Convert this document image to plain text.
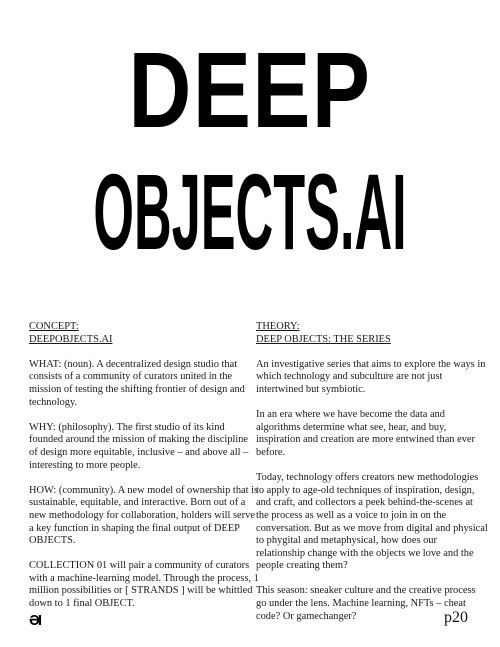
DEEP
OBJECTS.AI
CONCEPT:
DEEPOBJECTS.AI

WHAT: (noun). A decentralized design studio that consists of a community of curators united in the mission of testing the shifting frontier of design and technology.

WHY: (philosophy). The first studio of its kind founded around the mission of making the discipline of design more equitable, inclusive – and above all – interesting to more people.

HOW: (community). A new model of ownership that is sustainable, equitable, and interactive. Born out of a new methodology for collaboration, holders will serve a key function in shaping the final output of DEEP OBJECTS.

COLLECTION 01 will pair a community of curators with a machine-learning model. Through the process, 1 million possibilities or [ STRANDS ] will be whittled down to 1 final OBJECT.

THEORY:
DEEP OBJECTS: THE SERIES

An investigative series that aims to explore the ways in which technology and subculture are not just intertwined but symbiotic.

In an era where we have become the data and algorithms determine what see, hear, and buy, inspiration and creation are more entwined than ever before.

Today, technology offers creators new methodologies to apply to age-old techniques of inspiration, design, and craft, and collectors a peek behind-the-scenes at the process as well as a voice to join in on the conversation. But as we move from digital and physical to phygital and metaphysical, how does our relationship change with the objects we love and the people creating them?

This season: sneaker culture and the creative process go under the lens. Machine learning, NFTs – cheat code? Or gamechanger?

ƏI	p20
